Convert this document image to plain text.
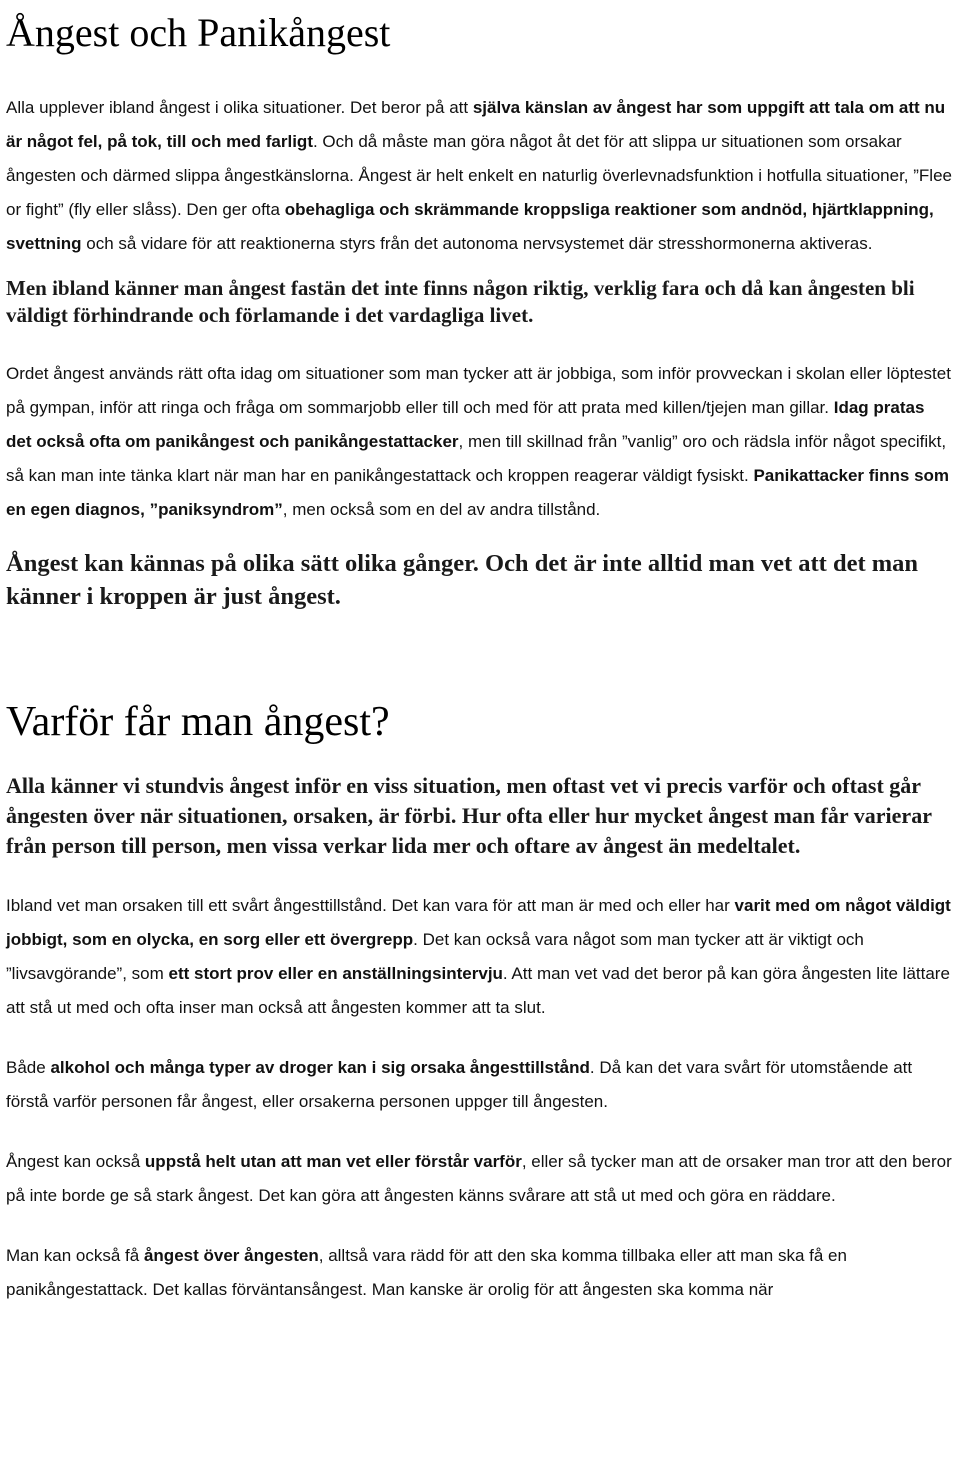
Ångest och Panikångest

Alla upplever ibland ångest i olika situationer. Det beror på att själva känslan av ångest har som uppgift att tala om att nu är något fel, på tok, till och med farligt. Och då måste man göra något åt det för att slippa ur situationen som orsakar ångesten och därmed slippa ångestkänslorna. Ångest är helt enkelt en naturlig överlevnadsfunktion i hotfulla situationer, ”Flee or fight” (fly eller slåss). Den ger ofta obehagliga och skrämmande kroppsliga reaktioner som andnöd, hjärtklappning, svettning och så vidare för att reaktionerna styrs från det autonoma nervsystemet där stresshormonerna aktiveras.

Men ibland känner man ångest fastän det inte finns någon riktig, verklig fara och då kan ångesten bli väldigt förhindrande och förlamande i det vardagliga livet.

Ordet ångest används rätt ofta idag om situationer som man tycker att är jobbiga, som inför provveckan i skolan eller löptestet på gympan, inför att ringa och fråga om sommarjobb eller till och med för att prata med killen/tjejen man gillar. Idag pratas det också ofta om panikångest och panikångestattacker, men till skillnad från ”vanlig” oro och rädsla inför något specifikt, så kan man inte tänka klart när man har en panikångestattack och kroppen reagerar väldigt fysiskt. Panikattacker finns som en egen diagnos, ”paniksyndrom”, men också som en del av andra tillstånd.

Ångest kan kännas på olika sätt olika gånger. Och det är inte alltid man vet att det man känner i kroppen är just ångest.

Varför får man ångest?

Alla känner vi stundvis ångest inför en viss situation, men oftast vet vi precis varför och oftast går ångesten över när situationen, orsaken, är förbi. Hur ofta eller hur mycket ångest man får varierar från person till person, men vissa verkar lida mer och oftare av ångest än medeltalet.

Ibland vet man orsaken till ett svårt ångesttillstånd. Det kan vara för att man är med och eller har varit med om något väldigt jobbigt, som en olycka, en sorg eller ett övergrepp. Det kan också vara något som man tycker att är viktigt och ”livsavgörande”, som ett stort prov eller en anställningsintervju. Att man vet vad det beror på kan göra ångesten lite lättare att stå ut med och ofta inser man också att ångesten kommer att ta slut.

Både alkohol och många typer av droger kan i sig orsaka ångesttillstånd. Då kan det vara svårt för utomstående att förstå varför personen får ångest, eller orsakerna personen uppger till ångesten.

Ångest kan också uppstå helt utan att man vet eller förstår varför, eller så tycker man att de orsaker man tror att den beror på inte borde ge så stark ångest. Det kan göra att ångesten känns svårare att stå ut med och göra en räddare.

Man kan också få ångest över ångesten, alltså vara rädd för att den ska komma tillbaka eller att man ska få en panikångestattack. Det kallas förväntansångest. Man kanske är orolig för att ångesten ska komma när
